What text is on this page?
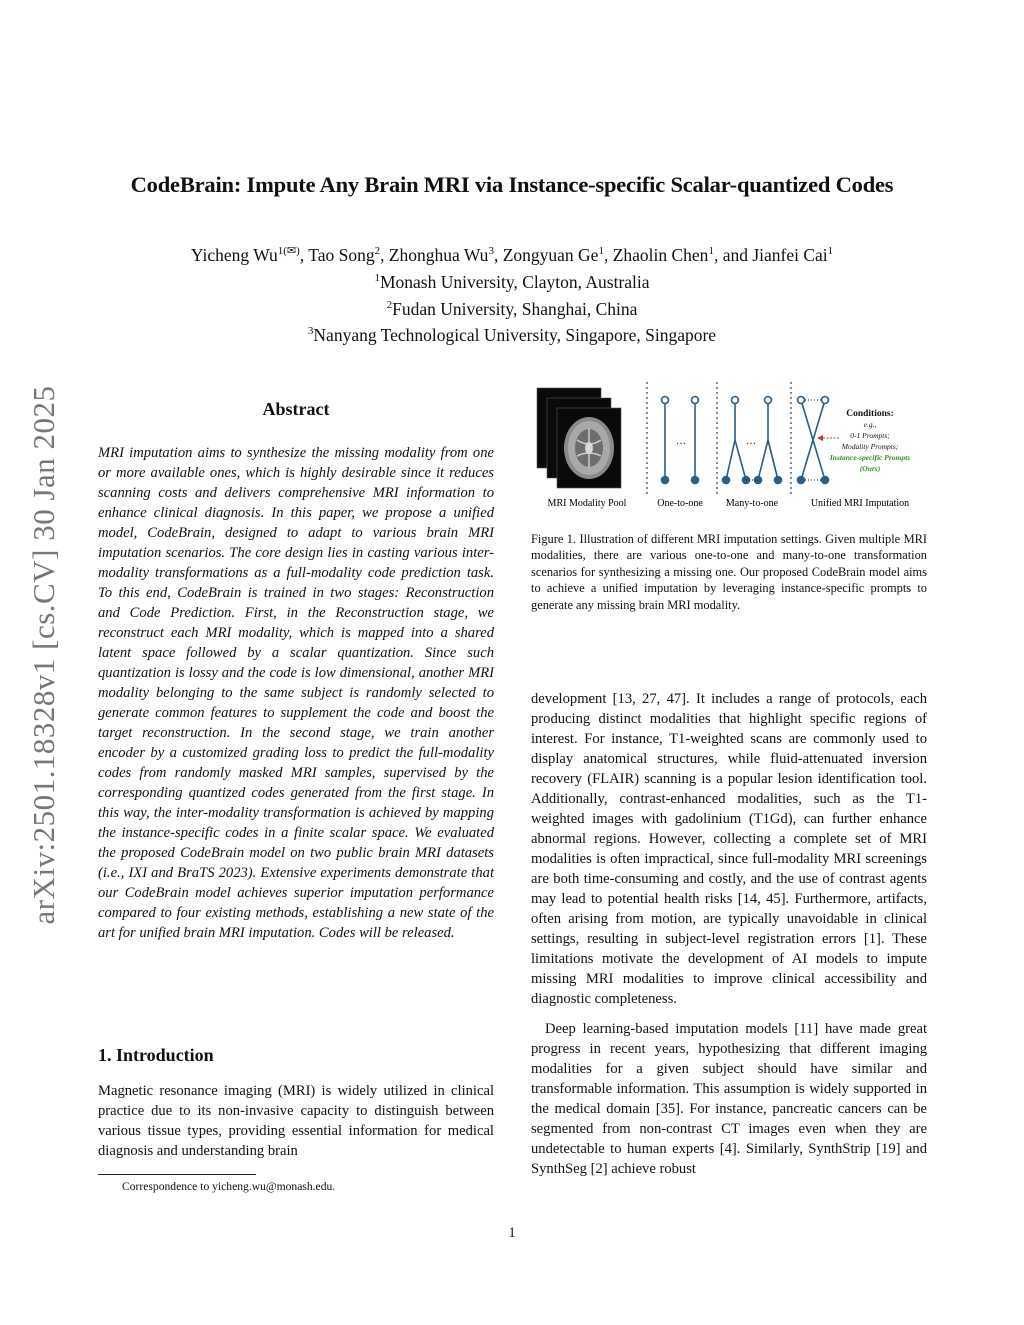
CodeBrain: Impute Any Brain MRI via Instance-specific Scalar-quantized Codes
Yicheng $Wu^{1(✉)}$, Tao Song$^2$, Zhonghua Wu$^3$, Zongyuan Ge$^1$, Zhaolin Chen$^1$, and Jianfei Cai$^1$
$^1$Monash University, Clayton, Australia
$^2$Fudan University, Shanghai, China
$^3$Nanyang Technological University, Singapore, Singapore
arXiv:2501.18328v1 [cs.CV] 30 Jan 2025	Abstract
MRI imputation aims to synthesize the missing modality from one or more available ones, which is highly desirable since it reduces scanning costs and delivers comprehensive MRI information to enhance clinical diagnosis. In this paper, we propose a unified model, CodeBrain, designed to adapt to various brain MRI imputation scenarios. The core design lies in casting various inter-modality transformations as a full-modality code prediction task. To this end, CodeBrain is trained in two stages: Reconstruction and Code Prediction. First, in the Reconstruction stage, we reconstruct each MRI modality, which is mapped into a shared latent space followed by a scalar quantization. Since such quantization is lossy and the code is low dimensional, another MRI modality belonging to the same subject is randomly selected to generate common features to supplement the code and boost the target reconstruction. In the second stage, we train another encoder by a customized grading loss to predict the full-modality codes from randomly masked MRI samples, supervised by the corresponding quantized codes generated from the first stage. In this way, the inter-modality transformation is achieved by mapping the instance-specific codes in a finite scalar space. We evaluated the proposed CodeBrain model on two public brain MRI datasets (i.e., IXI and BraTS 2023). Extensive experiments demonstrate that our CodeBrain model achieves superior imputation performance compared to four existing methods, establishing a new state of the art for unified brain MRI imputation. Codes will be released.
1. Introduction
Magnetic resonance imaging (MRI) is widely utilized in clinical practice due to its non-invasive capacity to distinguish between various tissue types, providing essential information for medical diagnosis and understanding brain
Correspondence to yicheng.wu@monash.edu.
…	…
Conditions:
e.g.,
0-1 Prompts;
Modality Prompts;
Instance-specific Prompts
(Ours)
MRI Modality Pool	One-to-one Many-to-one	Unified MRI Imputation
Figure 1. Illustration of different MRI imputation settings. Given multiple MRI modalities, there are various one-to-one and many-to-one transformation scenarios for synthesizing a missing one. Our proposed CodeBrain model aims to achieve a unified imputation by leveraging instance-specific prompts to generate any missing brain MRI modality.

development [13, 27, 47]. It includes a range of protocols, each producing distinct modalities that highlight specific regions of interest. For instance, T1-weighted scans are commonly used to display anatomical structures, while fluid-attenuated inversion recovery (FLAIR) scanning is a popular lesion identification tool. Additionally, contrast-enhanced modalities, such as the T1-weighted images with gadolinium (T1Gd), can further enhance abnormal regions. However, collecting a complete set of MRI modalities is often impractical, since full-modality MRI screenings are both time-consuming and costly, and the use of contrast agents may lead to potential health risks [14, 45]. Furthermore, artifacts, often arising from motion, are typically unavoidable in clinical settings, resulting in subject-level registration errors [1]. These limitations motivate the development of AI models to impute missing MRI modalities to improve clinical accessibility and diagnostic completeness.

Deep learning-based imputation models [11] have made great progress in recent years, hypothesizing that different imaging modalities for a given subject should have similar and transformable information. This assumption is widely supported in the medical domain [35]. For instance, pancreatic cancers can be segmented from non-contrast CT images even when they are undetectable to human experts [4]. Similarly, SynthStrip [19] and SynthSeg [2] achieve robust

1
